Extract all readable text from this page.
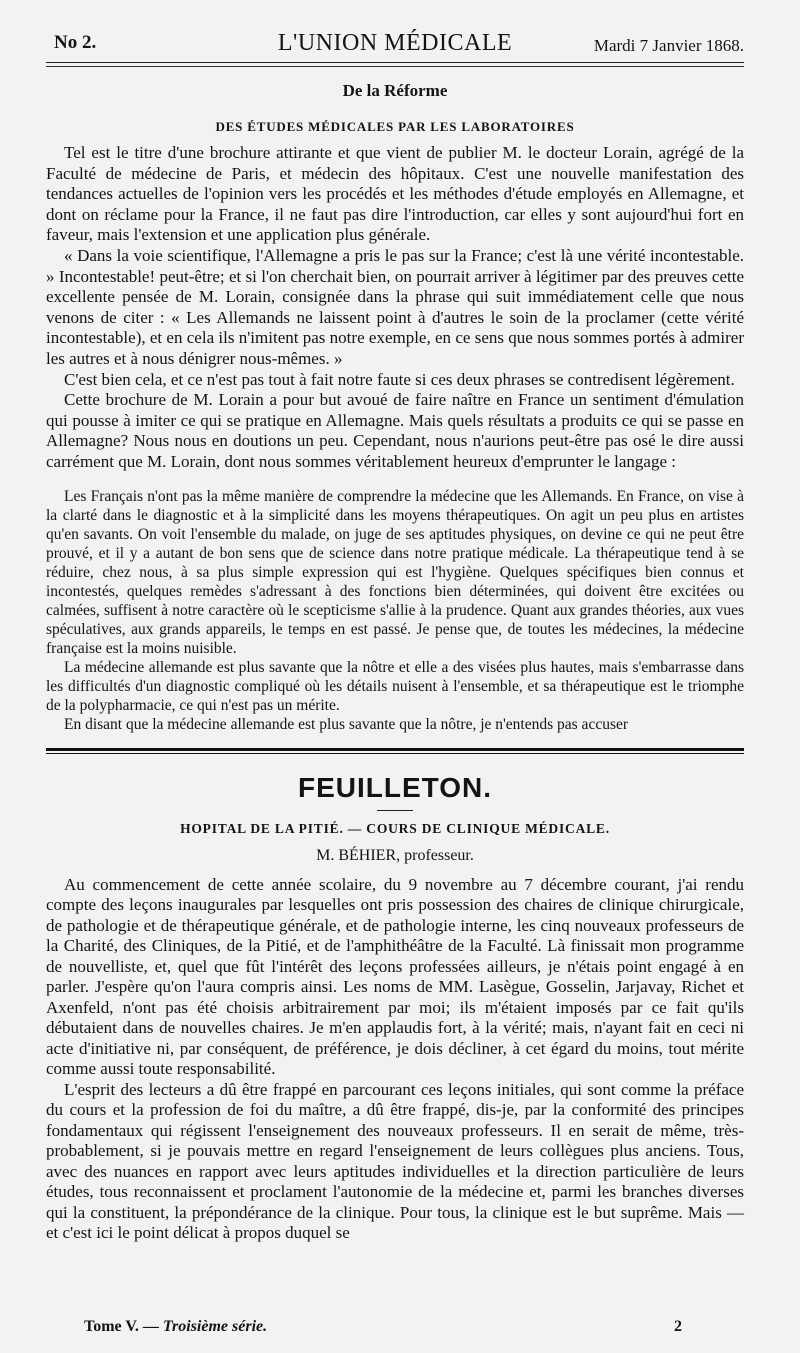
No 2.	L'UNION MÉDICALE	Mardi 7 Janvier 1868.
De la Réforme
DES ÉTUDES MÉDICALES PAR LES LABORATOIRES

Tel est le titre d'une brochure attirante et que vient de publier M. le docteur Lorain, agrégé de la Faculté de médecine de Paris, et médecin des hôpitaux. C'est une nouvelle manifestation des tendances actuelles de l'opinion vers les procédés et les méthodes d'étude employés en Allemagne, et dont on réclame pour la France, il ne faut pas dire l'introduction, car elles y sont aujourd'hui fort en faveur, mais l'extension et une application plus générale.

« Dans la voie scientifique, l'Allemagne a pris le pas sur la France; c'est là une vérité incontestable. » Incontestable! peut-être; et si l'on cherchait bien, on pourrait arriver à légitimer par des preuves cette excellente pensée de M. Lorain, consignée dans la phrase qui suit immédiatement celle que nous venons de citer : « Les Allemands ne laissent point à d'autres le soin de la proclamer (cette vérité incontestable), et en cela ils n'imitent pas notre exemple, en ce sens que nous sommes portés à admirer les autres et à nous dénigrer nous-mêmes. »

C'est bien cela, et ce n'est pas tout à fait notre faute si ces deux phrases se contredisent légèrement.

Cette brochure de M. Lorain a pour but avoué de faire naître en France un sentiment d'émulation qui pousse à imiter ce qui se pratique en Allemagne. Mais quels résultats a produits ce qui se passe en Allemagne? Nous nous en doutions un peu. Cependant, nous n'aurions peut-être pas osé le dire aussi carrément que M. Lorain, dont nous sommes véritablement heureux d'emprunter le langage :

Les Français n'ont pas la même manière de comprendre la médecine que les Allemands. En France, on vise à la clarté dans le diagnostic et à la simplicité dans les moyens thérapeutiques. On agit un peu plus en artistes qu'en savants. On voit l'ensemble du malade, on juge de ses aptitudes physiques, on devine ce qui ne peut être prouvé, et il y a autant de bon sens que de science dans notre pratique médicale. La thérapeutique tend à se réduire, chez nous, à sa plus simple expression qui est l'hygiène. Quelques spécifiques bien connus et incontestés, quelques remèdes s'adressant à des fonctions bien déterminées, qui doivent être excitées ou calmées, suffisent à notre caractère où le scepticisme s'allie à la prudence. Quant aux grandes théories, aux vues spéculatives, aux grands appareils, le temps en est passé. Je pense que, de toutes les médecines, la médecine française est la moins nuisible.

La médecine allemande est plus savante que la nôtre et elle a des visées plus hautes, mais s'embarrasse dans les difficultés d'un diagnostic compliqué où les détails nuisent à l'ensemble, et sa thérapeutique est le triomphe de la polypharmacie, ce qui n'est pas un mérite.

En disant que la médecine allemande est plus savante que la nôtre, je n'entends pas accuser

FEUILLETON.
HOPITAL DE LA PITIÉ. — COURS DE CLINIQUE MÉDICALE.
M. BÉHIER, professeur.

Au commencement de cette année scolaire, du 9 novembre au 7 décembre courant, j'ai rendu compte des leçons inaugurales par lesquelles ont pris possession des chaires de clinique chirurgicale, de pathologie et de thérapeutique générale, et de pathologie interne, les cinq nouveaux professeurs de la Charité, des Cliniques, de la Pitié, et de l'amphithéâtre de la Faculté. Là finissait mon programme de nouvelliste, et, quel que fût l'intérêt des leçons professées ailleurs, je n'étais point engagé à en parler. J'espère qu'on l'aura compris ainsi. Les noms de MM. Lasègue, Gosselin, Jarjavay, Richet et Axenfeld, n'ont pas été choisis arbitrairement par moi; ils m'étaient imposés par ce fait qu'ils débutaient dans de nouvelles chaires. Je m'en applaudis fort, à la vérité; mais, n'ayant fait en ceci ni acte d'initiative ni, par conséquent, de préférence, je dois décliner, à cet égard du moins, tout mérite comme aussi toute responsabilité.

L'esprit des lecteurs a dû être frappé en parcourant ces leçons initiales, qui sont comme la préface du cours et la profession de foi du maître, a dû être frappé, dis-je, par la conformité des principes fondamentaux qui régissent l'enseignement des nouveaux professeurs. Il en serait de même, très-probablement, si je pouvais mettre en regard l'enseignement de leurs collègues plus anciens. Tous, avec des nuances en rapport avec leurs aptitudes individuelles et la direction particulière de leurs études, tous reconnaissent et proclament l'autonomie de la médecine et, parmi les branches diverses qui la constituent, la prépondérance de la clinique. Pour tous, la clinique est le but suprême. Mais — et c'est ici le point délicat à propos duquel se

Tome V. — Troisième série.	2
